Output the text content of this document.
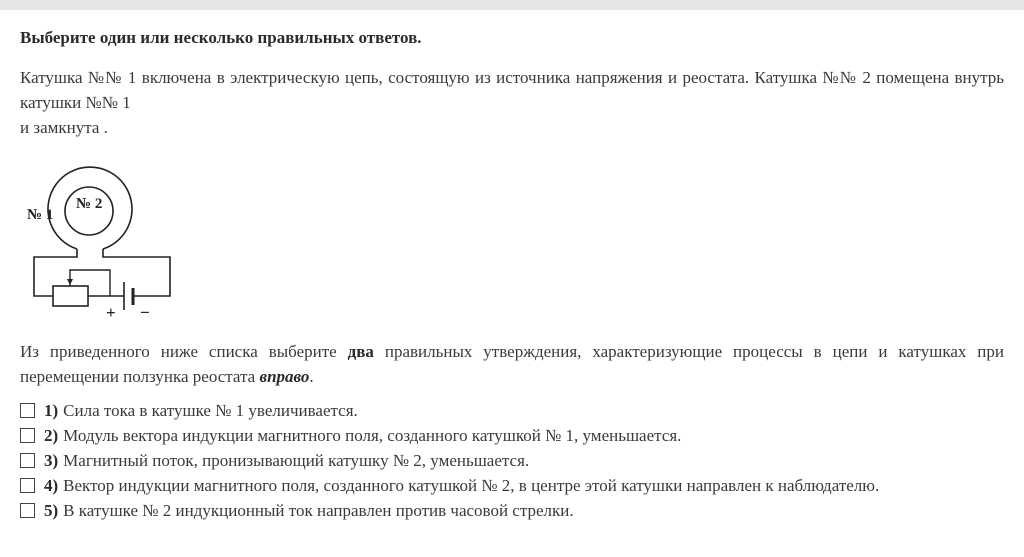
Выберите один или несколько правильных ответов.

Катушка №№ 1 включена в электрическую цепь, состоящую из источника напряжения и реостата. Катушка №№ 2 помещена внутрь катушки №№ 1
и замкнута .

№ 1
№ 2
+ −

Из приведенного ниже списка выберите два правильных утверждения, характеризующие процессы в цепи и катушках при перемещении ползунка реостата вправо.

1) Сила тока в катушке № 1 увеличивается.
2) Модуль вектора индукции магнитного поля, созданного катушкой № 1, уменьшается.
3) Магнитный поток, пронизывающий катушку № 2, уменьшается.
4) Вектор индукции магнитного поля, созданного катушкой № 2, в центре этой катушки направлен к наблюдателю.
5) В катушке № 2 индукционный ток направлен против часовой стрелки.
